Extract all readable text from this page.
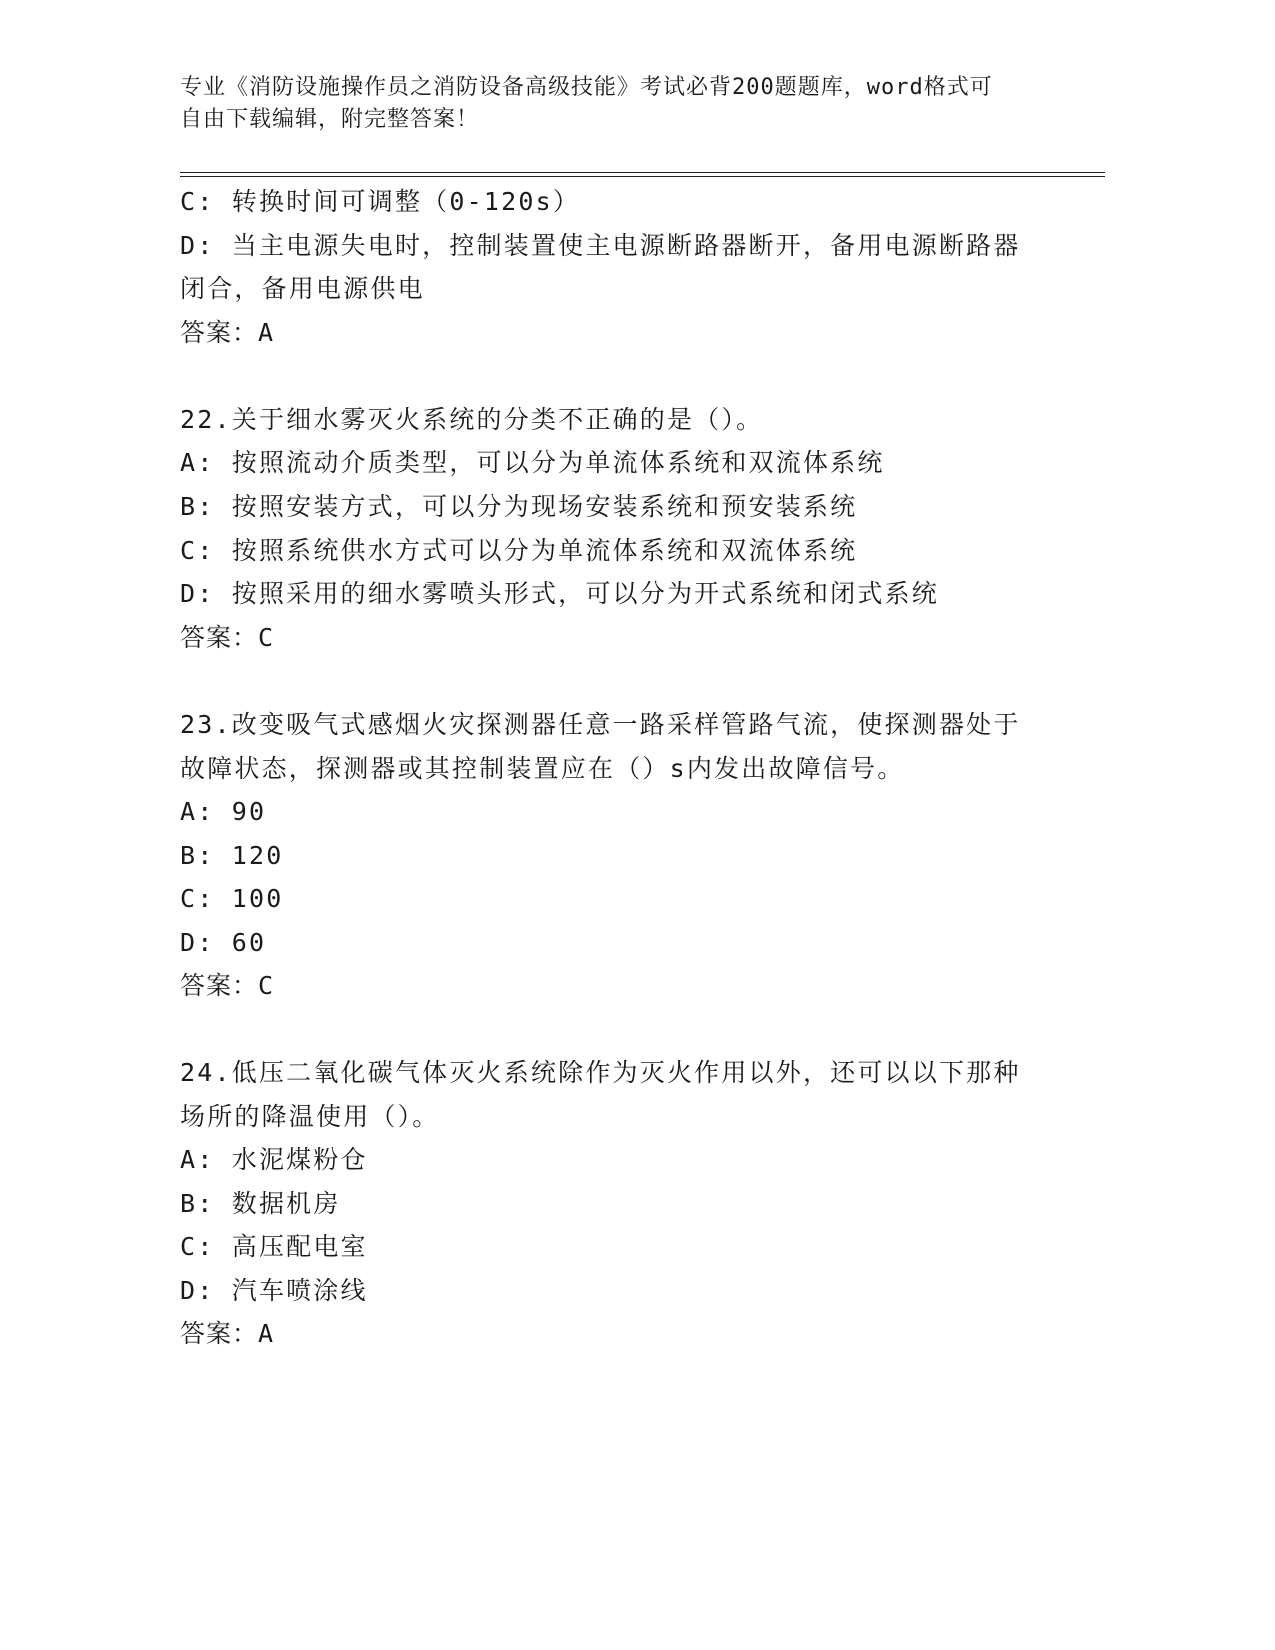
专业《消防设施操作员之消防设备高级技能》考试必背200题题库，word格式可
自由下载编辑，附完整答案！
C: 转换时间可调整（0-120s）
D: 当主电源失电时，控制装置使主电源断路器断开，备用电源断路器
闭合，备用电源供电
答案：A
22.关于细水雾灭火系统的分类不正确的是（）。
A: 按照流动介质类型，可以分为单流体系统和双流体系统
B: 按照安装方式，可以分为现场安装系统和预安装系统
C: 按照系统供水方式可以分为单流体系统和双流体系统
D: 按照采用的细水雾喷头形式，可以分为开式系统和闭式系统
答案：C
23.改变吸气式感烟火灾探测器任意一路采样管路气流，使探测器处于
故障状态，探测器或其控制装置应在（）s内发出故障信号。
A: 90
B: 120
C: 100
D: 60
答案：C
24.低压二氧化碳气体灭火系统除作为灭火作用以外，还可以以下那种
场所的降温使用（）。
A: 水泥煤粉仓
B: 数据机房
C: 高压配电室
D: 汽车喷涂线
答案：A
